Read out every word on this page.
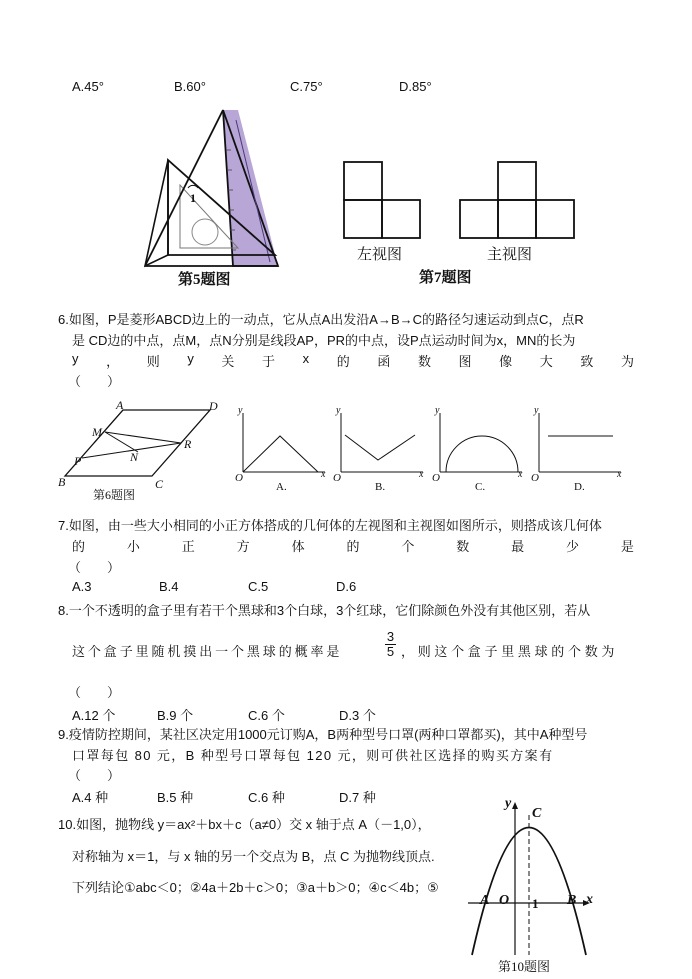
A.45°	B.60°	C.75°	D.85°
1
第5题图
左视图	主视图
第7题图
6.如图，P是菱形ABCD边上的一动点，它从点A出发沿A→B→C的路径匀速运动到点C，点R
是 CD边的中点，点M，点N分别是线段AP，PR的中点，设P点运动时间为x，MN的长为
y ， 则 y 关 于 x 的 函 数 图 像 大 致 为
（　　）
A
B	C
D
M
N
P
R
第6题图
y	y	y	y
O	O	O	O
x	x	x	x
A.	B.	C.	D.
7.如图，由一些大小相同的小正方体搭成的几何体的左视图和主视图如图所示，则搭成该几何体
的	小	正	方	体	的	个	数	最	少	是
（　　）
A.3	B.4	C.5	D.6
8.一个不透明的盒子里有若干个黑球和3个白球，3个红球，它们除颜色外没有其他区别，若从
这个盒子里随机摸出一个黑球的概率是
3
5 ，则这个盒子里黑球的个数为
（　　）
A.12 个	B.9 个	C.6 个	D.3 个
9.疫情防控期间，某社区决定用1000元订购A，B两种型号口罩(两种口罩都买)，其中A种型号
口罩每包 80 元，B 种型号口罩每包 120 元，则可供社区选择的购买方案有
（　　）
A.4 种	B.5 种	C.6 种	D.7 种
10.如图，抛物线 y＝ax²＋bx＋c（a≠0）交 x 轴于点 A（－1,0），
对称轴为 x＝1，与 x 轴的另一个交点为 B，点 C 为抛物线顶点.
下列结论①abc＜0；②4a＋2b＋c＞0；③a＋b＞0；④c＜4b；⑤
y
C
A O 1 B x
第10题图
